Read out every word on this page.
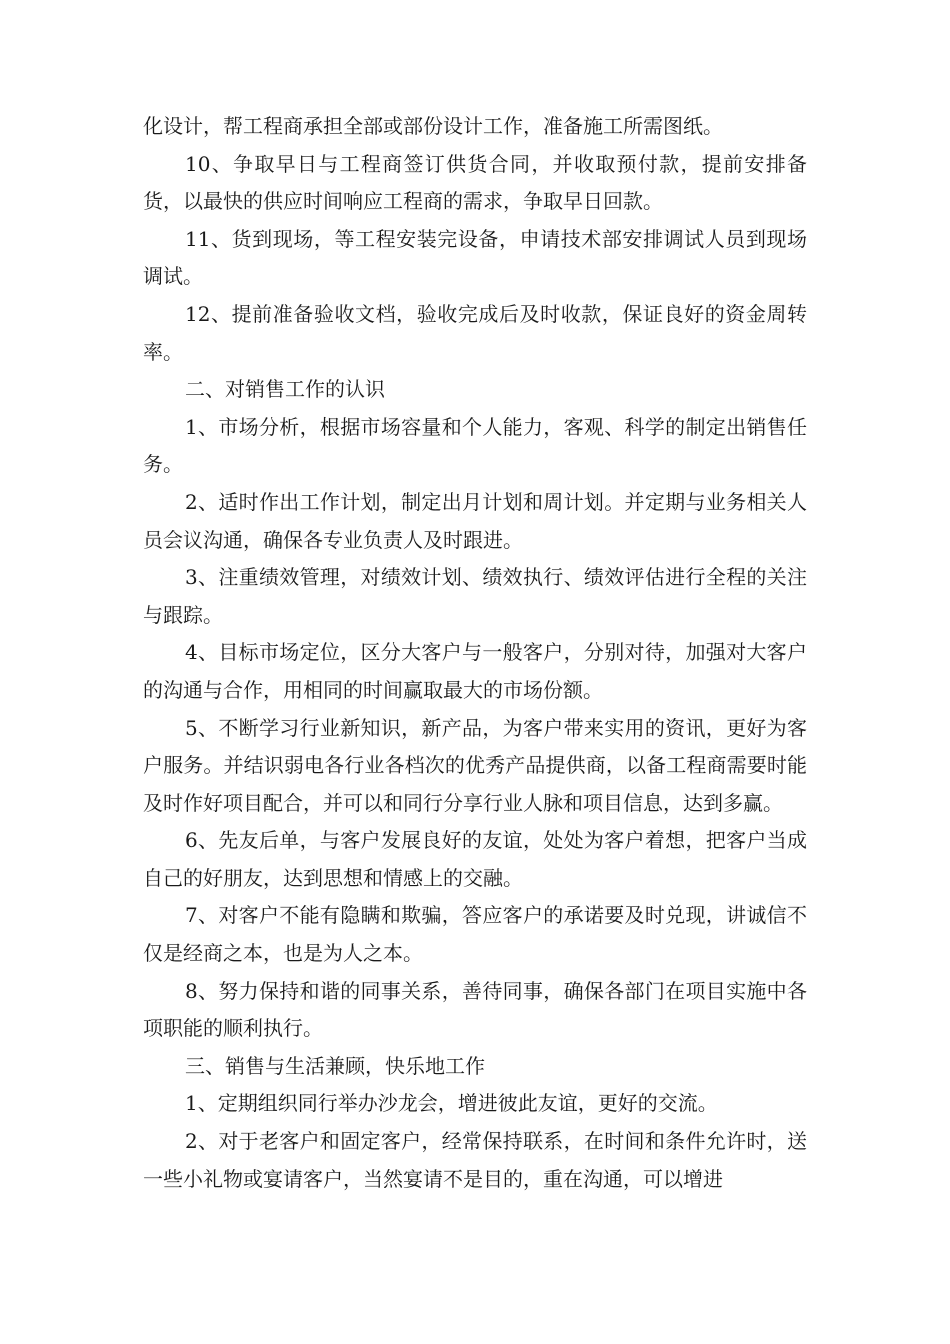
化设计，帮工程商承担全部或部份设计工作，准备施工所需图纸。

10、争取早日与工程商签订供货合同，并收取预付款，提前安排备货，以最快的供应时间响应工程商的需求，争取早日回款。

11、货到现场，等工程安装完设备，申请技术部安排调试人员到现场调试。

12、提前准备验收文档，验收完成后及时收款，保证良好的资金周转率。

二、对销售工作的认识

1、市场分析，根据市场容量和个人能力，客观、科学的制定出销售任务。

2、适时作出工作计划，制定出月计划和周计划。并定期与业务相关人员会议沟通，确保各专业负责人及时跟进。

3、注重绩效管理，对绩效计划、绩效执行、绩效评估进行全程的关注与跟踪。

4、目标市场定位，区分大客户与一般客户，分别对待，加强对大客户的沟通与合作，用相同的时间赢取最大的市场份额。

5、不断学习行业新知识，新产品，为客户带来实用的资讯，更好为客户服务。并结识弱电各行业各档次的优秀产品提供商，以备工程商需要时能及时作好项目配合，并可以和同行分享行业人脉和项目信息，达到多赢。

6、先友后单，与客户发展良好的友谊，处处为客户着想，把客户当成自己的好朋友，达到思想和情感上的交融。

7、对客户不能有隐瞒和欺骗，答应客户的承诺要及时兑现，讲诚信不仅是经商之本，也是为人之本。

8、努力保持和谐的同事关系，善待同事，确保各部门在项目实施中各项职能的顺利执行。

三、销售与生活兼顾，快乐地工作

1、定期组织同行举办沙龙会，增进彼此友谊，更好的交流。

2、对于老客户和固定客户，经常保持联系，在时间和条件允许时，送一些小礼物或宴请客户，当然宴请不是目的，重在沟通，可以增进
